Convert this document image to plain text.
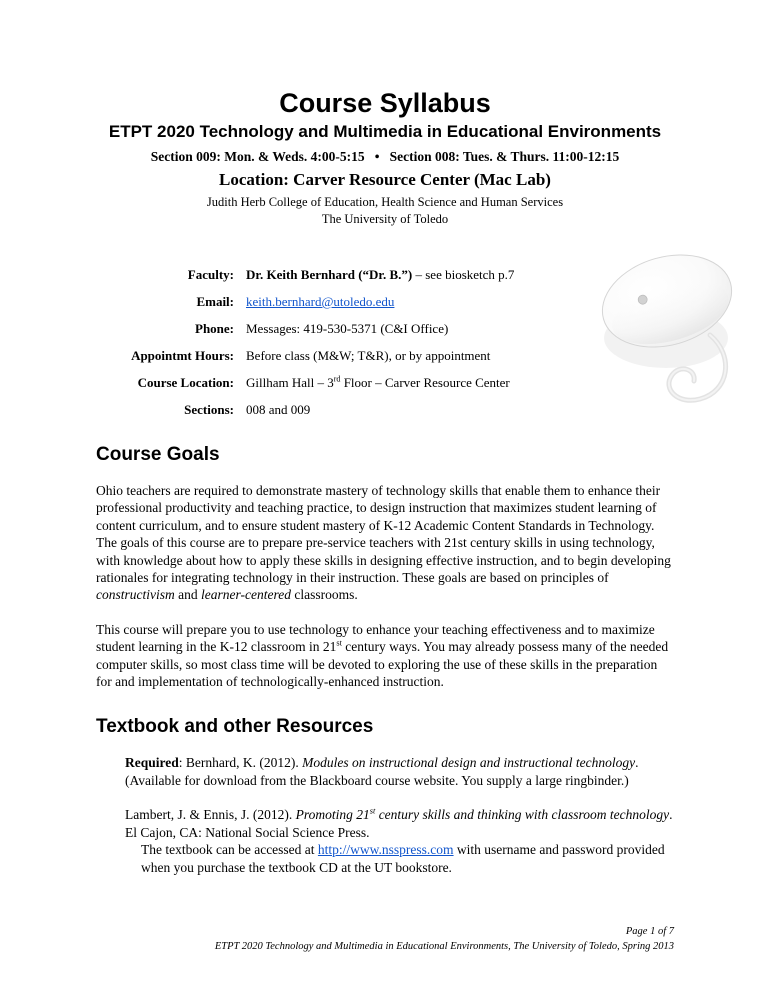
Course Syllabus
ETPT 2020 Technology and Multimedia in Educational Environments
Section 009: Mon. & Weds. 4:00-5:15   •   Section 008: Tues. & Thurs. 11:00-12:15
Location: Carver Resource Center (Mac Lab)
Judith Herb College of Education, Health Science and Human Services
The University of Toledo
Faculty: Dr. Keith Bernhard (“Dr. B.”) – see biosketch p.7
Email: keith.bernhard@utoledo.edu
Phone: Messages: 419-530-5371 (C&I Office)
Appointmt Hours: Before class (M&W; T&R), or by appointment
Course Location: Gillham Hall – 3rd Floor – Carver Resource Center
Sections: 008 and 009
Course Goals

Ohio teachers are required to demonstrate mastery of technology skills that enable them to enhance their professional productivity and teaching practice, to design instruction that maximizes student learning of content curriculum, and to ensure student mastery of K-12 Academic Content Standards in Technology. The goals of this course are to prepare pre-service teachers with 21st century skills in using technology, with knowledge about how to apply these skills in designing effective instruction, and to begin developing rationales for integrating technology in their instruction. These goals are based on principles of constructivism and learner-centered classrooms.

This course will prepare you to use technology to enhance your teaching effectiveness and to maximize student learning in the K-12 classroom in 21st century ways. You may already possess many of the needed computer skills, so most class time will be devoted to exploring the use of these skills in the preparation for and implementation of technologically-enhanced instruction.

Textbook and other Resources

Required: Bernhard, K. (2012). Modules on instructional design and instructional technology. (Available for download from the Blackboard course website. You supply a large ringbinder.)

Lambert, J. & Ennis, J. (2012). Promoting 21st century skills and thinking with classroom technology. El Cajon, CA: National Social Science Press.
The textbook can be accessed at http://www.nsspress.com with username and password provided when you purchase the textbook CD at the UT bookstore.

Page 1 of 7
ETPT 2020 Technology and Multimedia in Educational Environments, The University of Toledo, Spring 2013
